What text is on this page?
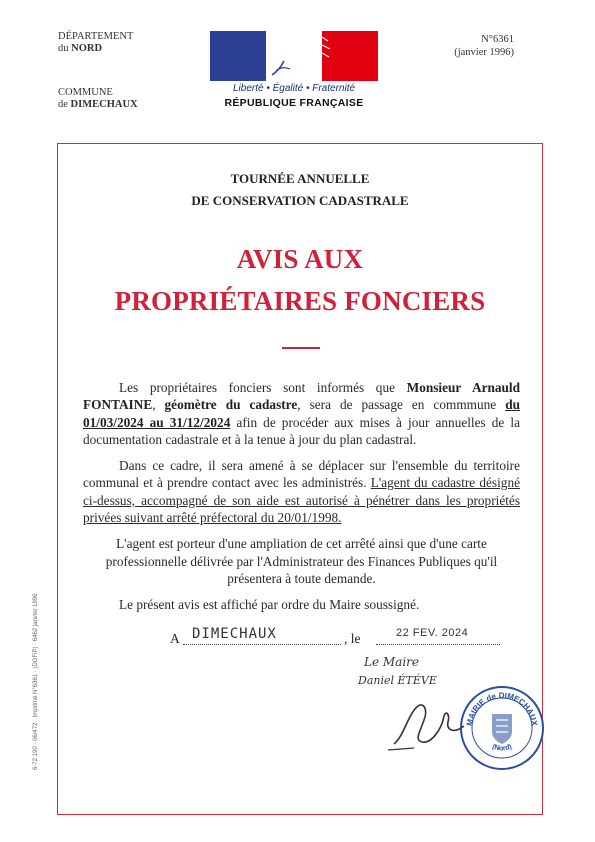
DÉPARTEMENT
du NORD
COMMUNE
de DIMECHAUX
N°6361
(janvier 1996)
Liberté • Égalité • Fraternité
RÉPUBLIQUE FRANÇAISE
TOURNÉE ANNUELLE
DE CONSERVATION CADASTRALE
AVIS AUX
PROPRIÉTAIRES FONCIERS

Les propriétaires fonciers sont informés que Monsieur Arnauld FONTAINE, géomètre du cadastre, sera de passage en commmune du 01/03/2024 au 31/12/2024 afin de procéder aux mises à jour annuelles de la documentation cadastrale et à la tenue à jour du plan cadastral.

Dans ce cadre, il sera amené à se déplacer sur l'ensemble du territoire communal et à prendre contact avec les administrés. L'agent du cadastre désigné ci-dessus, accompagné de son aide est autorisé à pénétrer dans les propriétés privées suivant arrêté préfectoral du 20/01/1998.

L'agent est porteur d'une ampliation de cet arrêté ainsi que d'une carte professionnelle délivrée par l'Administrateur des Finances Publiques qu'il présentera à toute demande.

Le présent avis est affiché par ordre du Maire soussigné.

A DIMECHAUX	, le	22 FEV. 2024
Le Maire
Daniel ÉTÉVE
MAIRIE de DIMECHAUX
(Nord)
6-72 190 · 06/472 · Imprimé N°6361 · (DGFiP) · 6462 janvier 1996
